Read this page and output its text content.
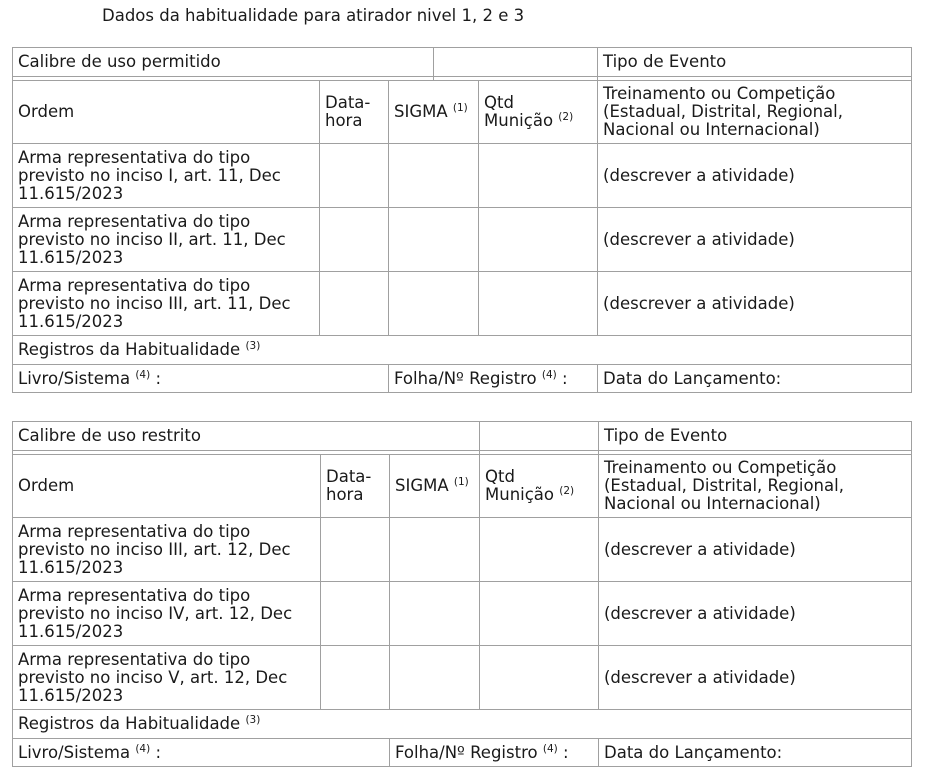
Dados da habitualidade para atirador nivel 1, 2 e 3
Calibre de uso permitido					Tipo de Evento

Ordem	Data-hora	SIGMA $^{(1)}$		Qtd Munição $^{(2)}$	Treinamento ou Competição (Estadual, Distrital, Regional, Nacional ou Internacional)
Arma representativa do tipo previsto no inciso I, art. 11, Dec 11.615/2023					(descrever a atividade)
Arma representativa do tipo previsto no inciso II, art. 11, Dec 11.615/2023					(descrever a atividade)
Arma representativa do tipo previsto no inciso III, art. 11, Dec 11.615/2023					(descrever a atividade)
Registros da Habitualidade $^{(3)}$
Livro/Sistema $^{(4)}$ :		Folha/Nº Registro $^{(4)}$ :			Data do Lançamento:
Calibre de uso restrito				Tipo de Evento

Ordem	Data-hora	SIGMA $^{(1)}$	Qtd Munição $^{(2)}$	Treinamento ou Competição (Estadual, Distrital, Regional, Nacional ou Internacional)
Arma representativa do tipo previsto no inciso III, art. 12, Dec 11.615/2023				(descrever a atividade)
Arma representativa do tipo previsto no inciso IV, art. 12, Dec 11.615/2023				(descrever a atividade)
Arma representativa do tipo previsto no inciso V, art. 12, Dec 11.615/2023				(descrever a atividade)
Registros da Habitualidade $^{(3)}$
Livro/Sistema $^{(4)}$ :		Folha/Nº Registro $^{(4)}$ :		Data do Lançamento:
